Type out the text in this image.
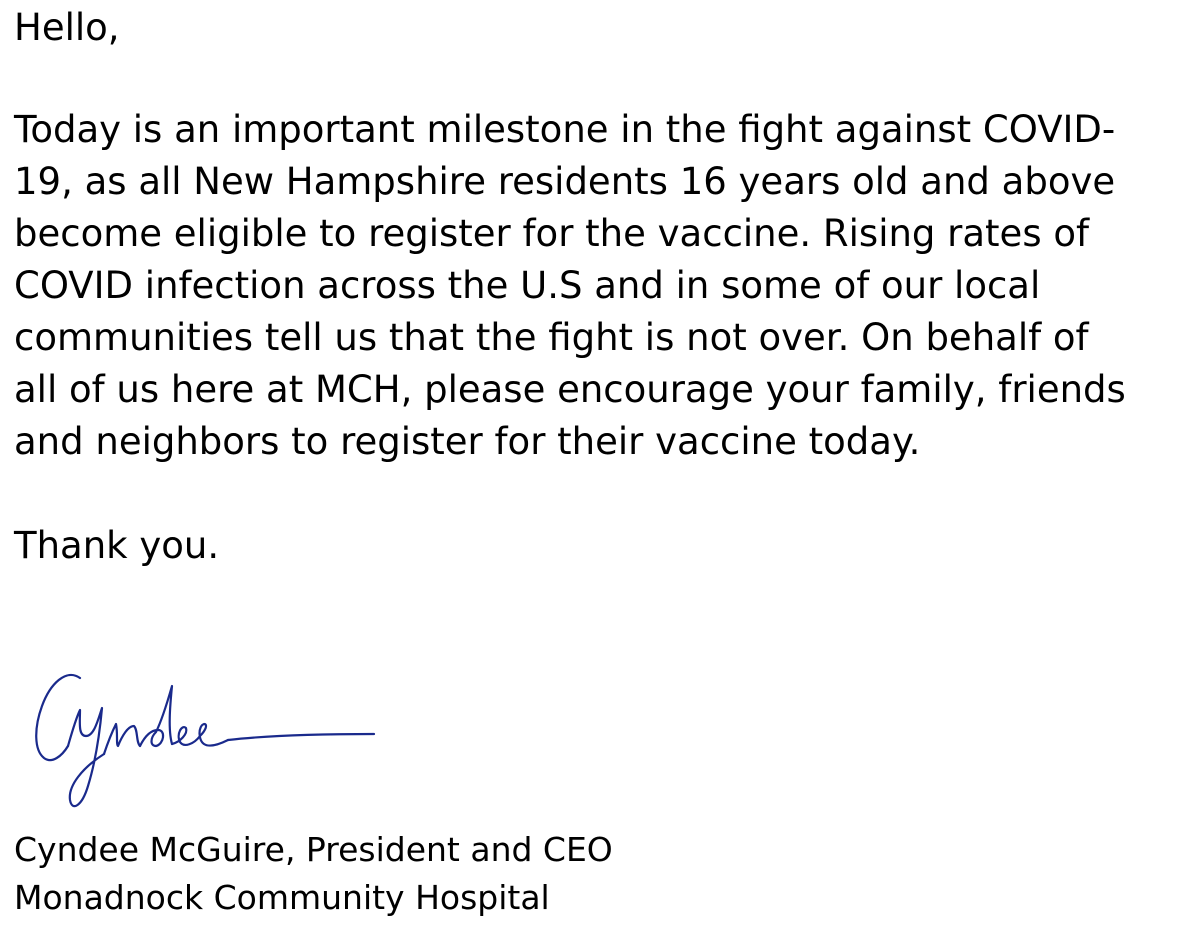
Hello,

Today is an important milestone in the fight against COVID-
19, as all New Hampshire residents 16 years old and above
become eligible to register for the vaccine. Rising rates of
COVID infection across the U.S and in some of our local
communities tell us that the fight is not over. On behalf of
all of us here at MCH, please encourage your family, friends
and neighbors to register for their vaccine today.

Thank you.

Cyndee McGuire, President and CEO
Monadnock Community Hospital
